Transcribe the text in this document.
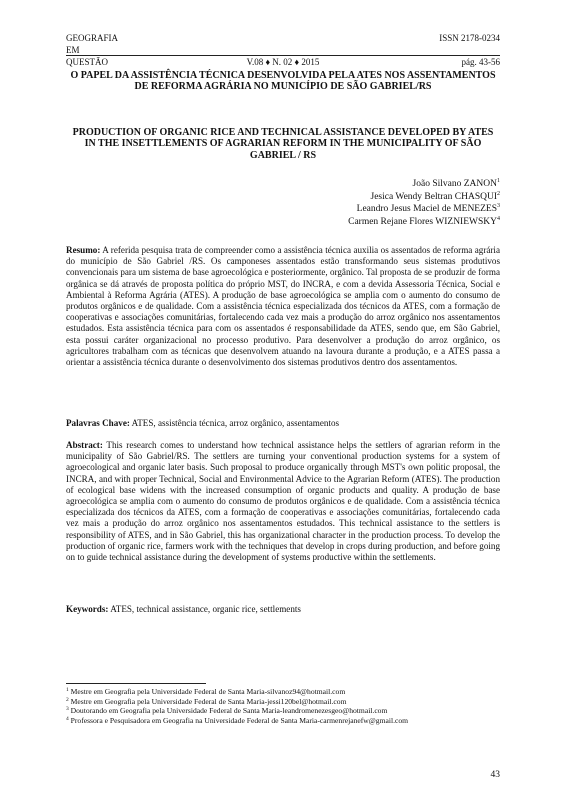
GEOGRAFIA	ISSN 2178-0234
EM
QUESTÃO	V.08 ♦ N. 02 ♦ 2015	pág. 43-56
O PAPEL DA ASSISTÊNCIA TÉCNICA DESENVOLVIDA PELA ATES NOS ASSENTAMENTOS DE REFORMA AGRÁRIA NO MUNICÍPIO DE SÃO GABRIEL/RS
PRODUCTION OF ORGANIC RICE AND TECHNICAL ASSISTANCE DEVELOPED BY ATES IN THE INSETTLEMENTS OF AGRARIAN REFORM IN THE MUNICIPALITY OF SÃO GABRIEL / RS
João Silvano ZANON$^1$
Jesica Wendy Beltran CHASQUI$^2$
Leandro Jesus Maciel de MENEZES$^3$
Carmen Rejane Flores WIZNIEWSKY$^4$
Resumo: A referida pesquisa trata de compreender como a assistência técnica auxilia os assentados de reforma agrária do município de São Gabriel /RS. Os camponeses assentados estão transformando seus sistemas produtivos convencionais para um sistema de base agroecológica e posteriormente, orgânico. Tal proposta de se produzir de forma orgânica se dá através de proposta política do próprio MST, do INCRA, e com a devida Assessoria Técnica, Social e Ambiental à Reforma Agrária (ATES). A produção de base agroecológica se amplia com o aumento do consumo de produtos orgânicos e de qualidade. Com a assistência técnica especializada dos técnicos da ATES, com a formação de cooperativas e associações comunitárias, fortalecendo cada vez mais a produção do arroz orgânico nos assentamentos estudados. Esta assistência técnica para com os assentados é responsabilidade da ATES, sendo que, em São Gabriel, esta possui caráter organizacional no processo produtivo. Para desenvolver a produção do arroz orgânico, os agricultores trabalham com as técnicas que desenvolvem atuando na lavoura durante a produção, e a ATES passa a orientar a assistência técnica durante o desenvolvimento dos sistemas produtivos dentro dos assentamentos.
Palavras Chave: ATES, assistência técnica, arroz orgânico, assentamentos
Abstract: This research comes to understand how technical assistance helps the settlers of agrarian reform in the municipality of São Gabriel/RS. The settlers are turning your conventional production systems for a system of agroecological and organic later basis. Such proposal to produce organically through MST's own politic proposal, the INCRA, and with proper Technical, Social and Environmental Advice to the Agrarian Reform (ATES). The production of ecological base widens with the increased consumption of organic products and quality. A produção de base agroecológica se amplia com o aumento do consumo de produtos orgânicos e de qualidade. Com a assistência técnica especializada dos técnicos da ATES, com a formação de cooperativas e associações comunitárias, fortalecendo cada vez mais a produção do arroz orgânico nos assentamentos estudados. This technical assistance to the settlers is responsibility of ATES, and in São Gabriel, this has organizational character in the production process. To develop the production of organic rice, farmers work with the techniques that develop in crops during production, and before going on to guide technical assistance during the development of systems productive within the settlements.
Keywords: ATES, technical assistance, organic rice, settlements
$^1$ Mestre em Geografia pela Universidade Federal de Santa Maria-silvanoz94@hotmail.com
$^2$ Mestre em Geografia pela Universidade Federal de Santa Maria-jessi120bel@hotmail.com
$^3$ Doutorando em Geografia pela Universidade Federal de Santa Maria-leandromenezesgeo@hotmail.com
$^4$ Professora e Pesquisadora em Geografia na Universidade Federal de Santa Maria-carmenrejanefw@gmail.com
43
